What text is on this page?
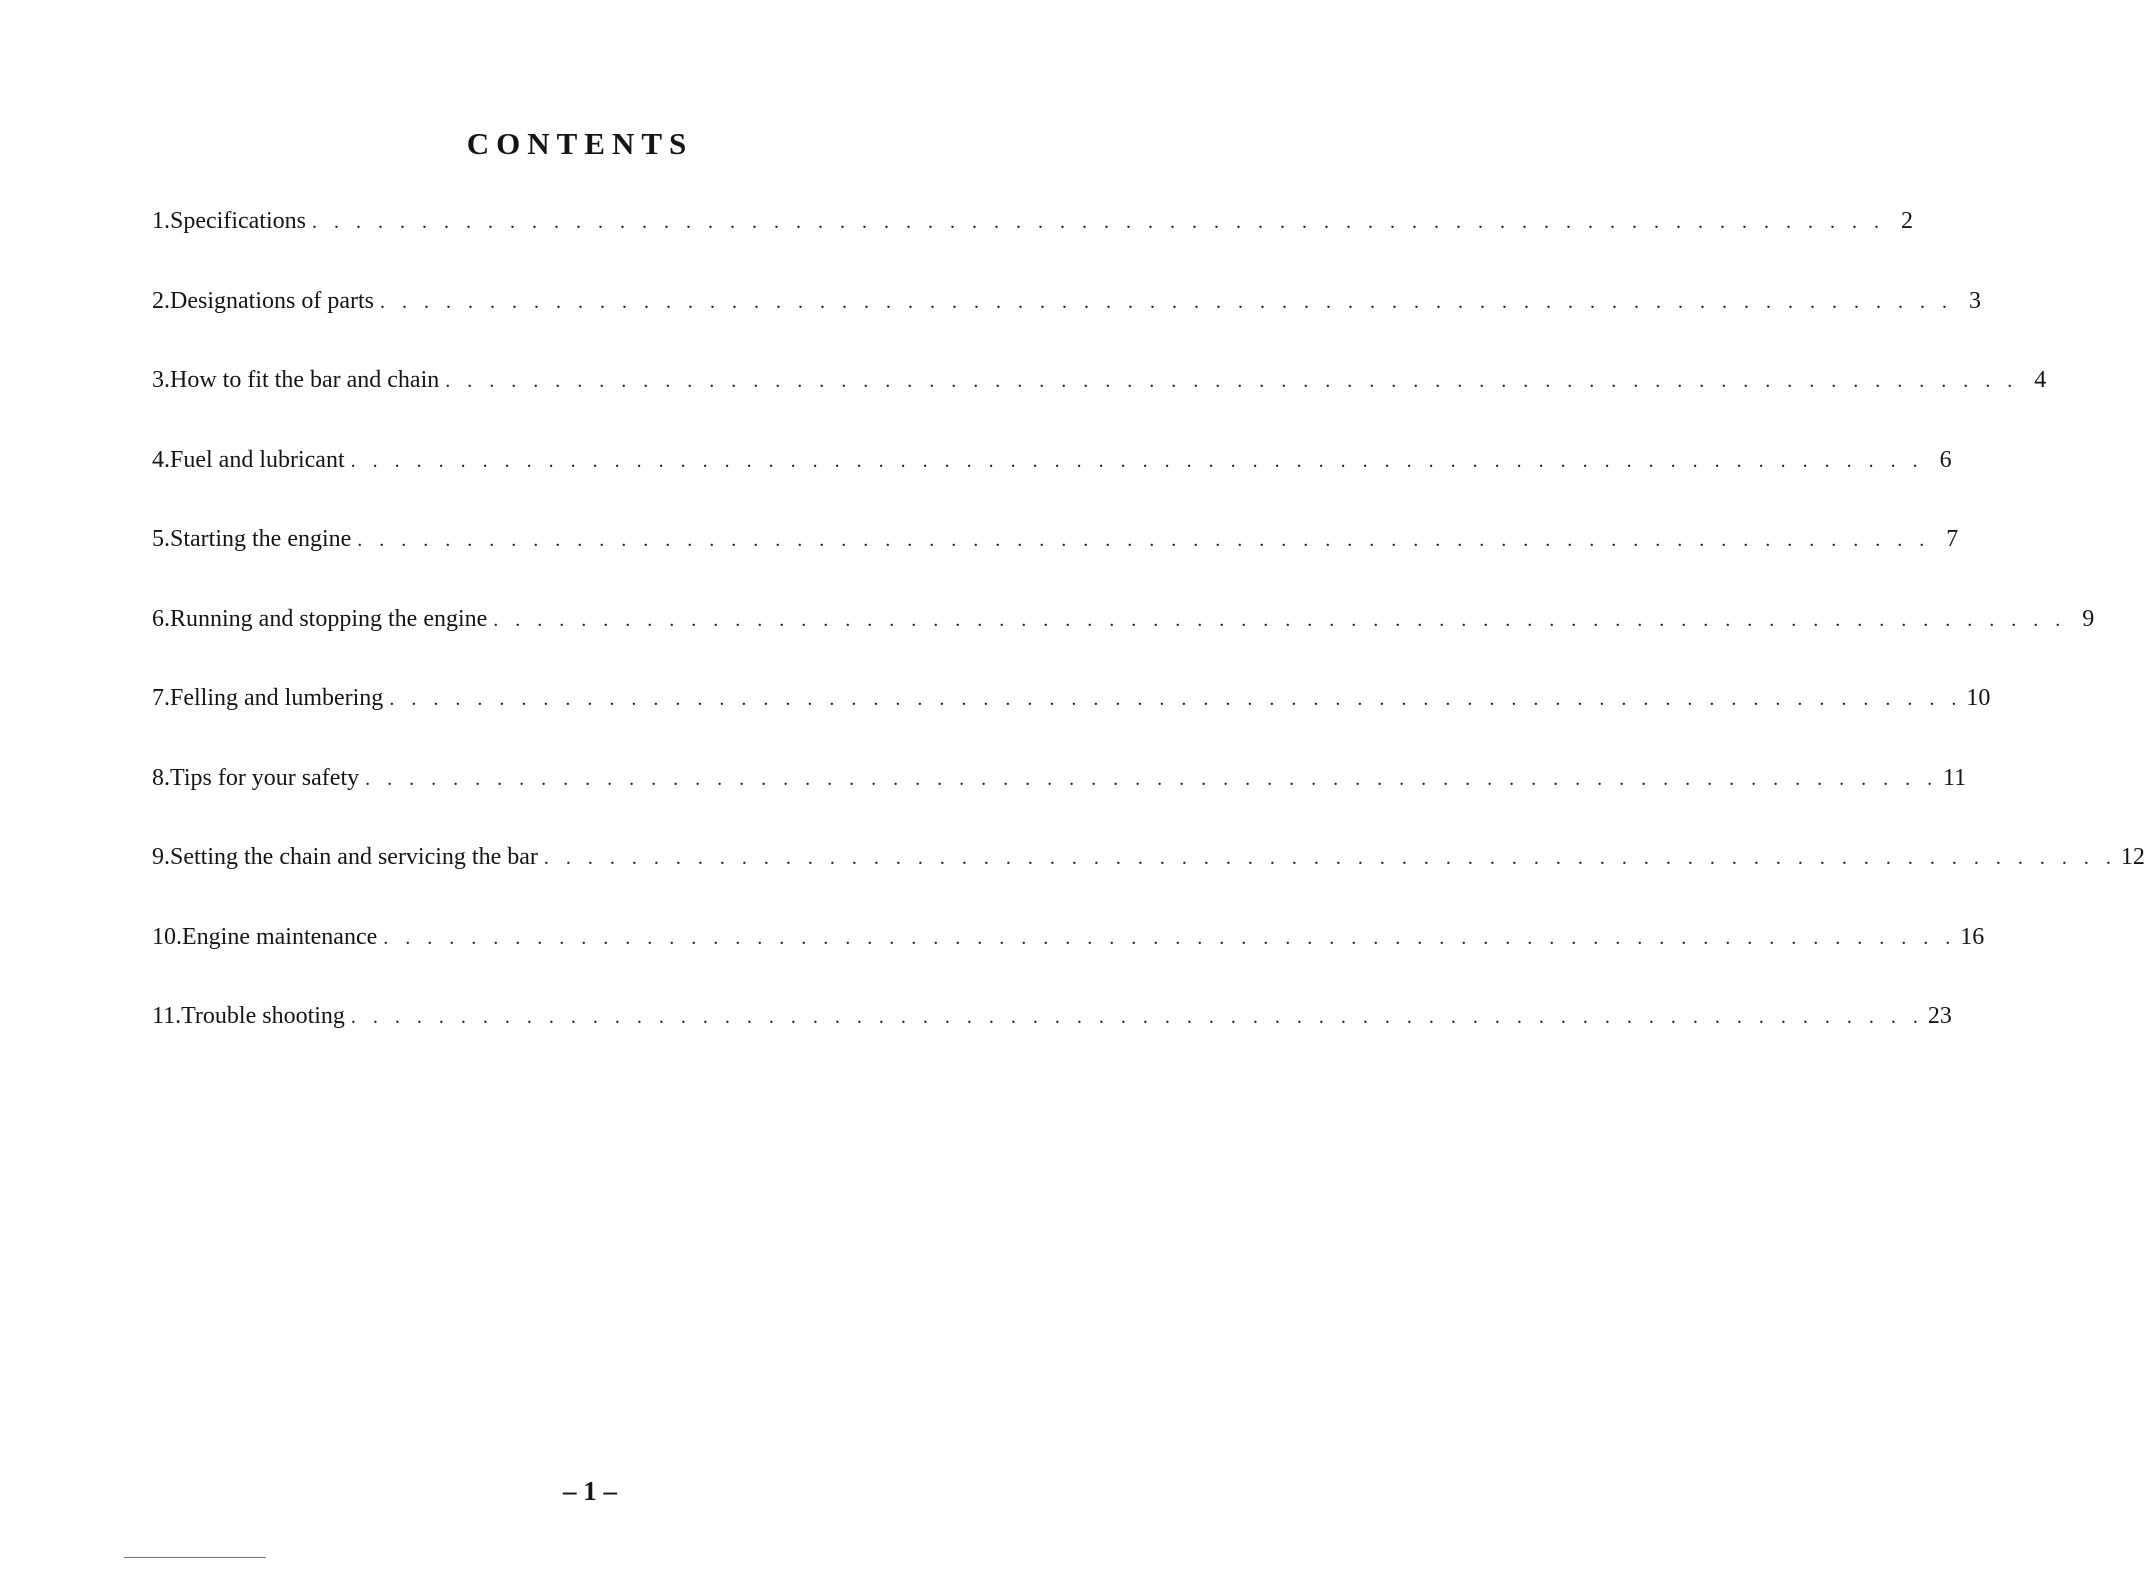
CONTENTS
1. Specifications . . . . . . . . . . . . . . . . . . . . . . . . . . . . . . . . . . . . . . . . . . . . . . . . . . . . . . . . . . . . . . . . . . . . . . . . 2
2. Designations of parts . . . . . . . . . . . . . . . . . . . . . . . . . . . . . . . . . . . . . . . . . . . . . . . . . . . . . . . . . . . . . . . . . . . . . . . . 3
3. How to fit the bar and chain . . . . . . . . . . . . . . . . . . . . . . . . . . . . . . . . . . . . . . . . . . . . . . . . . . . . . . . . . . . . . . . . . . . . . . . . 4
4. Fuel and lubricant . . . . . . . . . . . . . . . . . . . . . . . . . . . . . . . . . . . . . . . . . . . . . . . . . . . . . . . . . . . . . . . . . . . . . . . . 6
5. Starting the engine . . . . . . . . . . . . . . . . . . . . . . . . . . . . . . . . . . . . . . . . . . . . . . . . . . . . . . . . . . . . . . . . . . . . . . . . 7
6. Running and stopping the engine . . . . . . . . . . . . . . . . . . . . . . . . . . . . . . . . . . . . . . . . . . . . . . . . . . . . . . . . . . . . . . . . . . . . . . . . 9
7. Felling and lumbering . . . . . . . . . . . . . . . . . . . . . . . . . . . . . . . . . . . . . . . . . . . . . . . . . . . . . . . . . . . . . . . . . . . . . . . . 10
8. Tips for your safety . . . . . . . . . . . . . . . . . . . . . . . . . . . . . . . . . . . . . . . . . . . . . . . . . . . . . . . . . . . . . . . . . . . . . . . . 11
9. Setting the chain and servicing the bar . . . . . . . . . . . . . . . . . . . . . . . . . . . . . . . . . . . . . . . . . . . . . . . . . . . . . . . . . . . . . . . . . . . . . . . . 12
10. Engine maintenance . . . . . . . . . . . . . . . . . . . . . . . . . . . . . . . . . . . . . . . . . . . . . . . . . . . . . . . . . . . . . . . . . . . . . . . . 16
11. Trouble shooting . . . . . . . . . . . . . . . . . . . . . . . . . . . . . . . . . . . . . . . . . . . . . . . . . . . . . . . . . . . . . . . . . . . . . . . . 23
– 1 –
